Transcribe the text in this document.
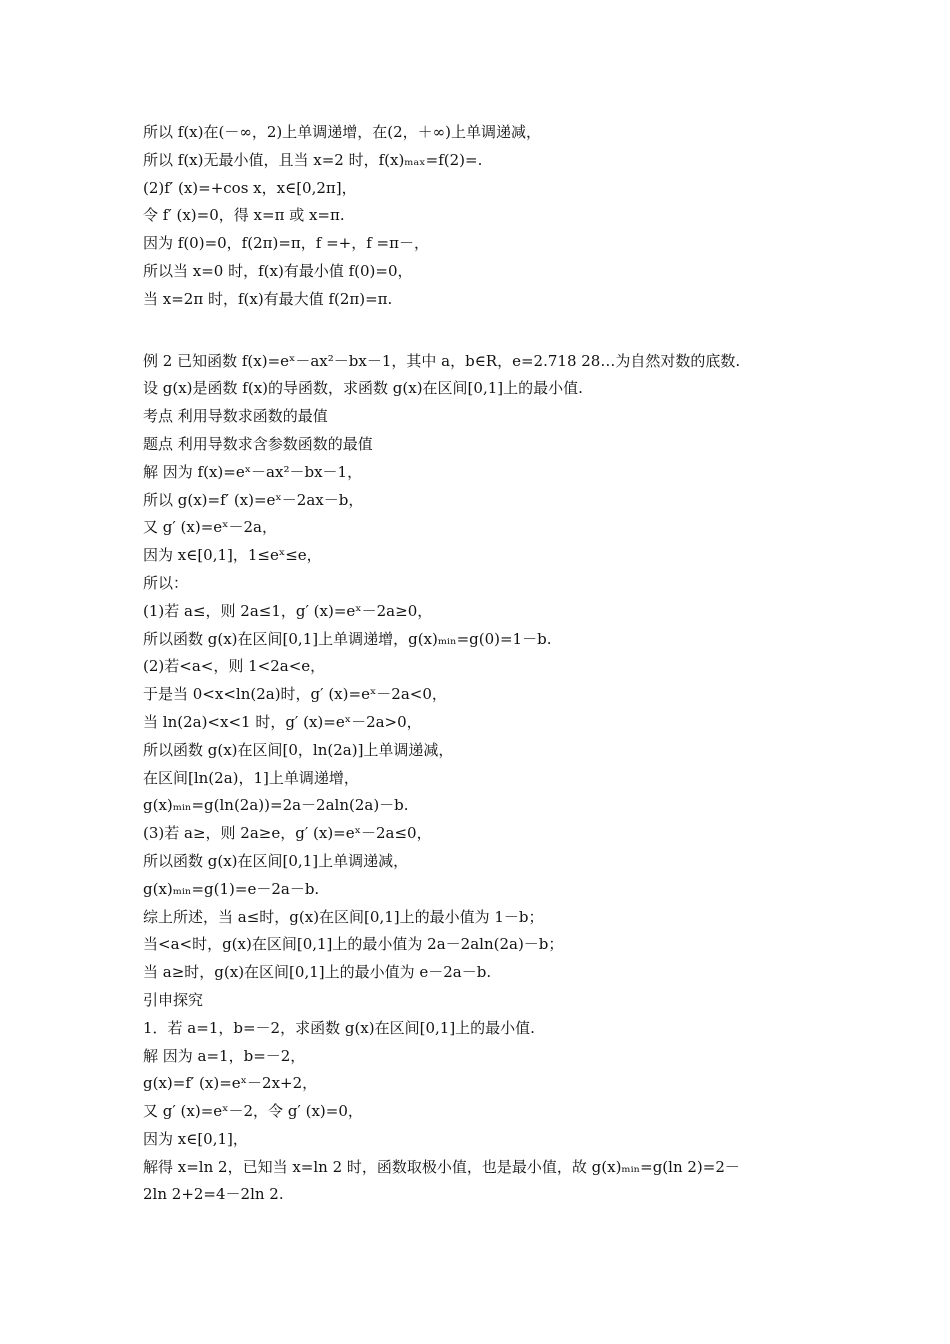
所以 f(x)在(－∞，2)上单调递增，在(2，＋∞)上单调递减，
所以 f(x)无最小值，且当 x=2 时，f(x)ₘₐₓ=f(2)=.
(2)f′ (x)=+cos x，x∈[0,2π]，
令 f′ (x)=0，得 x=π 或 x=π.
因为 f(0)=0，f(2π)=π，f =+，f =π－，
所以当 x=0 时，f(x)有最小值 f(0)=0，
当 x=2π 时，f(x)有最大值 f(2π)=π.
例 2 已知函数 f(x)=eˣ－ax²－bx－1，其中 a，b∈R，e=2.718 28…为自然对数的底数.
设 g(x)是函数 f(x)的导函数，求函数 g(x)在区间[0,1]上的最小值.
考点 利用导数求函数的最值
题点 利用导数求含参数函数的最值
解 因为 f(x)=eˣ－ax²－bx－1，
所以 g(x)=f′ (x)=eˣ－2ax－b，
又 g′ (x)=eˣ－2a，
因为 x∈[0,1]，1≤eˣ≤e，
所以：
(1)若 a≤，则 2a≤1，g′ (x)=eˣ－2a≥0，
所以函数 g(x)在区间[0,1]上单调递增，g(x)ₘᵢₙ=g(0)=1－b.
(2)若<a<，则 1<2a<e，
于是当 0<x<ln(2a)时，g′ (x)=eˣ－2a<0，
当 ln(2a)<x<1 时，g′ (x)=eˣ－2a>0，
所以函数 g(x)在区间[0，ln(2a)]上单调递减，
在区间[ln(2a)，1]上单调递增，
g(x)ₘᵢₙ=g(ln(2a))=2a－2aln(2a)－b.
(3)若 a≥，则 2a≥e，g′ (x)=eˣ－2a≤0，
所以函数 g(x)在区间[0,1]上单调递减，
g(x)ₘᵢₙ=g(1)=e－2a－b.
综上所述，当 a≤时，g(x)在区间[0,1]上的最小值为 1－b；
当<a<时，g(x)在区间[0,1]上的最小值为 2a－2aln(2a)－b；
当 a≥时，g(x)在区间[0,1]上的最小值为 e－2a－b.
引申探究
1．若 a=1，b=－2，求函数 g(x)在区间[0,1]上的最小值.
解 因为 a=1，b=－2，
g(x)=f′ (x)=eˣ－2x+2，
又 g′ (x)=eˣ－2，令 g′ (x)=0，
因为 x∈[0,1]，
解得 x=ln 2，已知当 x=ln 2 时，函数取极小值，也是最小值，故 g(x)ₘᵢₙ=g(ln 2)=2－
2ln 2+2=4－2ln 2.
